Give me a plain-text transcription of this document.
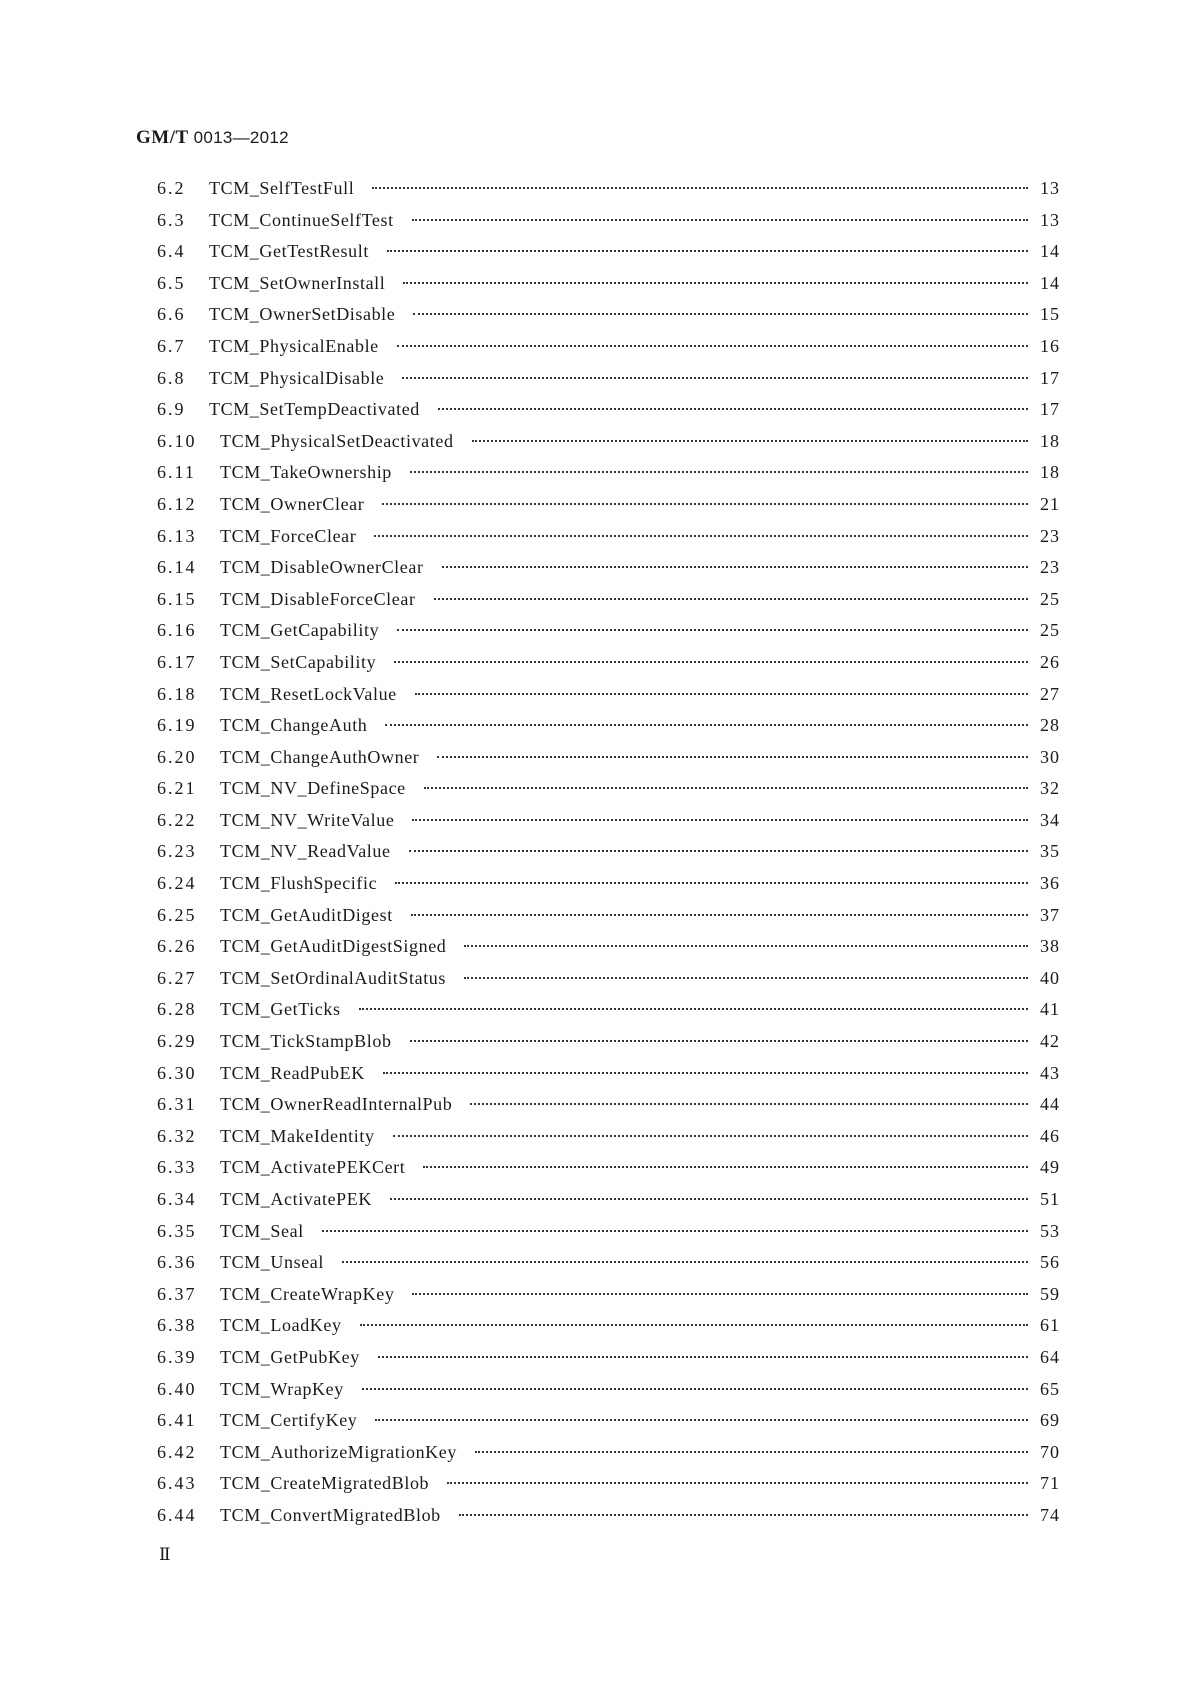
GM/T 0013—2012
6.2	TCM_SelfTestFull	13
6.3	TCM_ContinueSelfTest	13
6.4	TCM_GetTestResult	14
6.5	TCM_SetOwnerInstall	14
6.6	TCM_OwnerSetDisable	15
6.7	TCM_PhysicalEnable	16
6.8	TCM_PhysicalDisable	17
6.9	TCM_SetTempDeactivated	17
6.10	TCM_PhysicalSetDeactivated	18
6.11	TCM_TakeOwnership	18
6.12	TCM_OwnerClear	21
6.13	TCM_ForceClear	23
6.14	TCM_DisableOwnerClear	23
6.15	TCM_DisableForceClear	25
6.16	TCM_GetCapability	25
6.17	TCM_SetCapability	26
6.18	TCM_ResetLockValue	27
6.19	TCM_ChangeAuth	28
6.20	TCM_ChangeAuthOwner	30
6.21	TCM_NV_DefineSpace	32
6.22	TCM_NV_WriteValue	34
6.23	TCM_NV_ReadValue	35
6.24	TCM_FlushSpecific	36
6.25	TCM_GetAuditDigest	37
6.26	TCM_GetAuditDigestSigned	38
6.27	TCM_SetOrdinalAuditStatus	40
6.28	TCM_GetTicks	41
6.29	TCM_TickStampBlob	42
6.30	TCM_ReadPubEK	43
6.31	TCM_OwnerReadInternalPub	44
6.32	TCM_MakeIdentity	46
6.33	TCM_ActivatePEKCert	49
6.34	TCM_ActivatePEK	51
6.35	TCM_Seal	53
6.36	TCM_Unseal	56
6.37	TCM_CreateWrapKey	59
6.38	TCM_LoadKey	61
6.39	TCM_GetPubKey	64
6.40	TCM_WrapKey	65
6.41	TCM_CertifyKey	69
6.42	TCM_AuthorizeMigrationKey	70
6.43	TCM_CreateMigratedBlob	71
6.44	TCM_ConvertMigratedBlob	74
Ⅱ
